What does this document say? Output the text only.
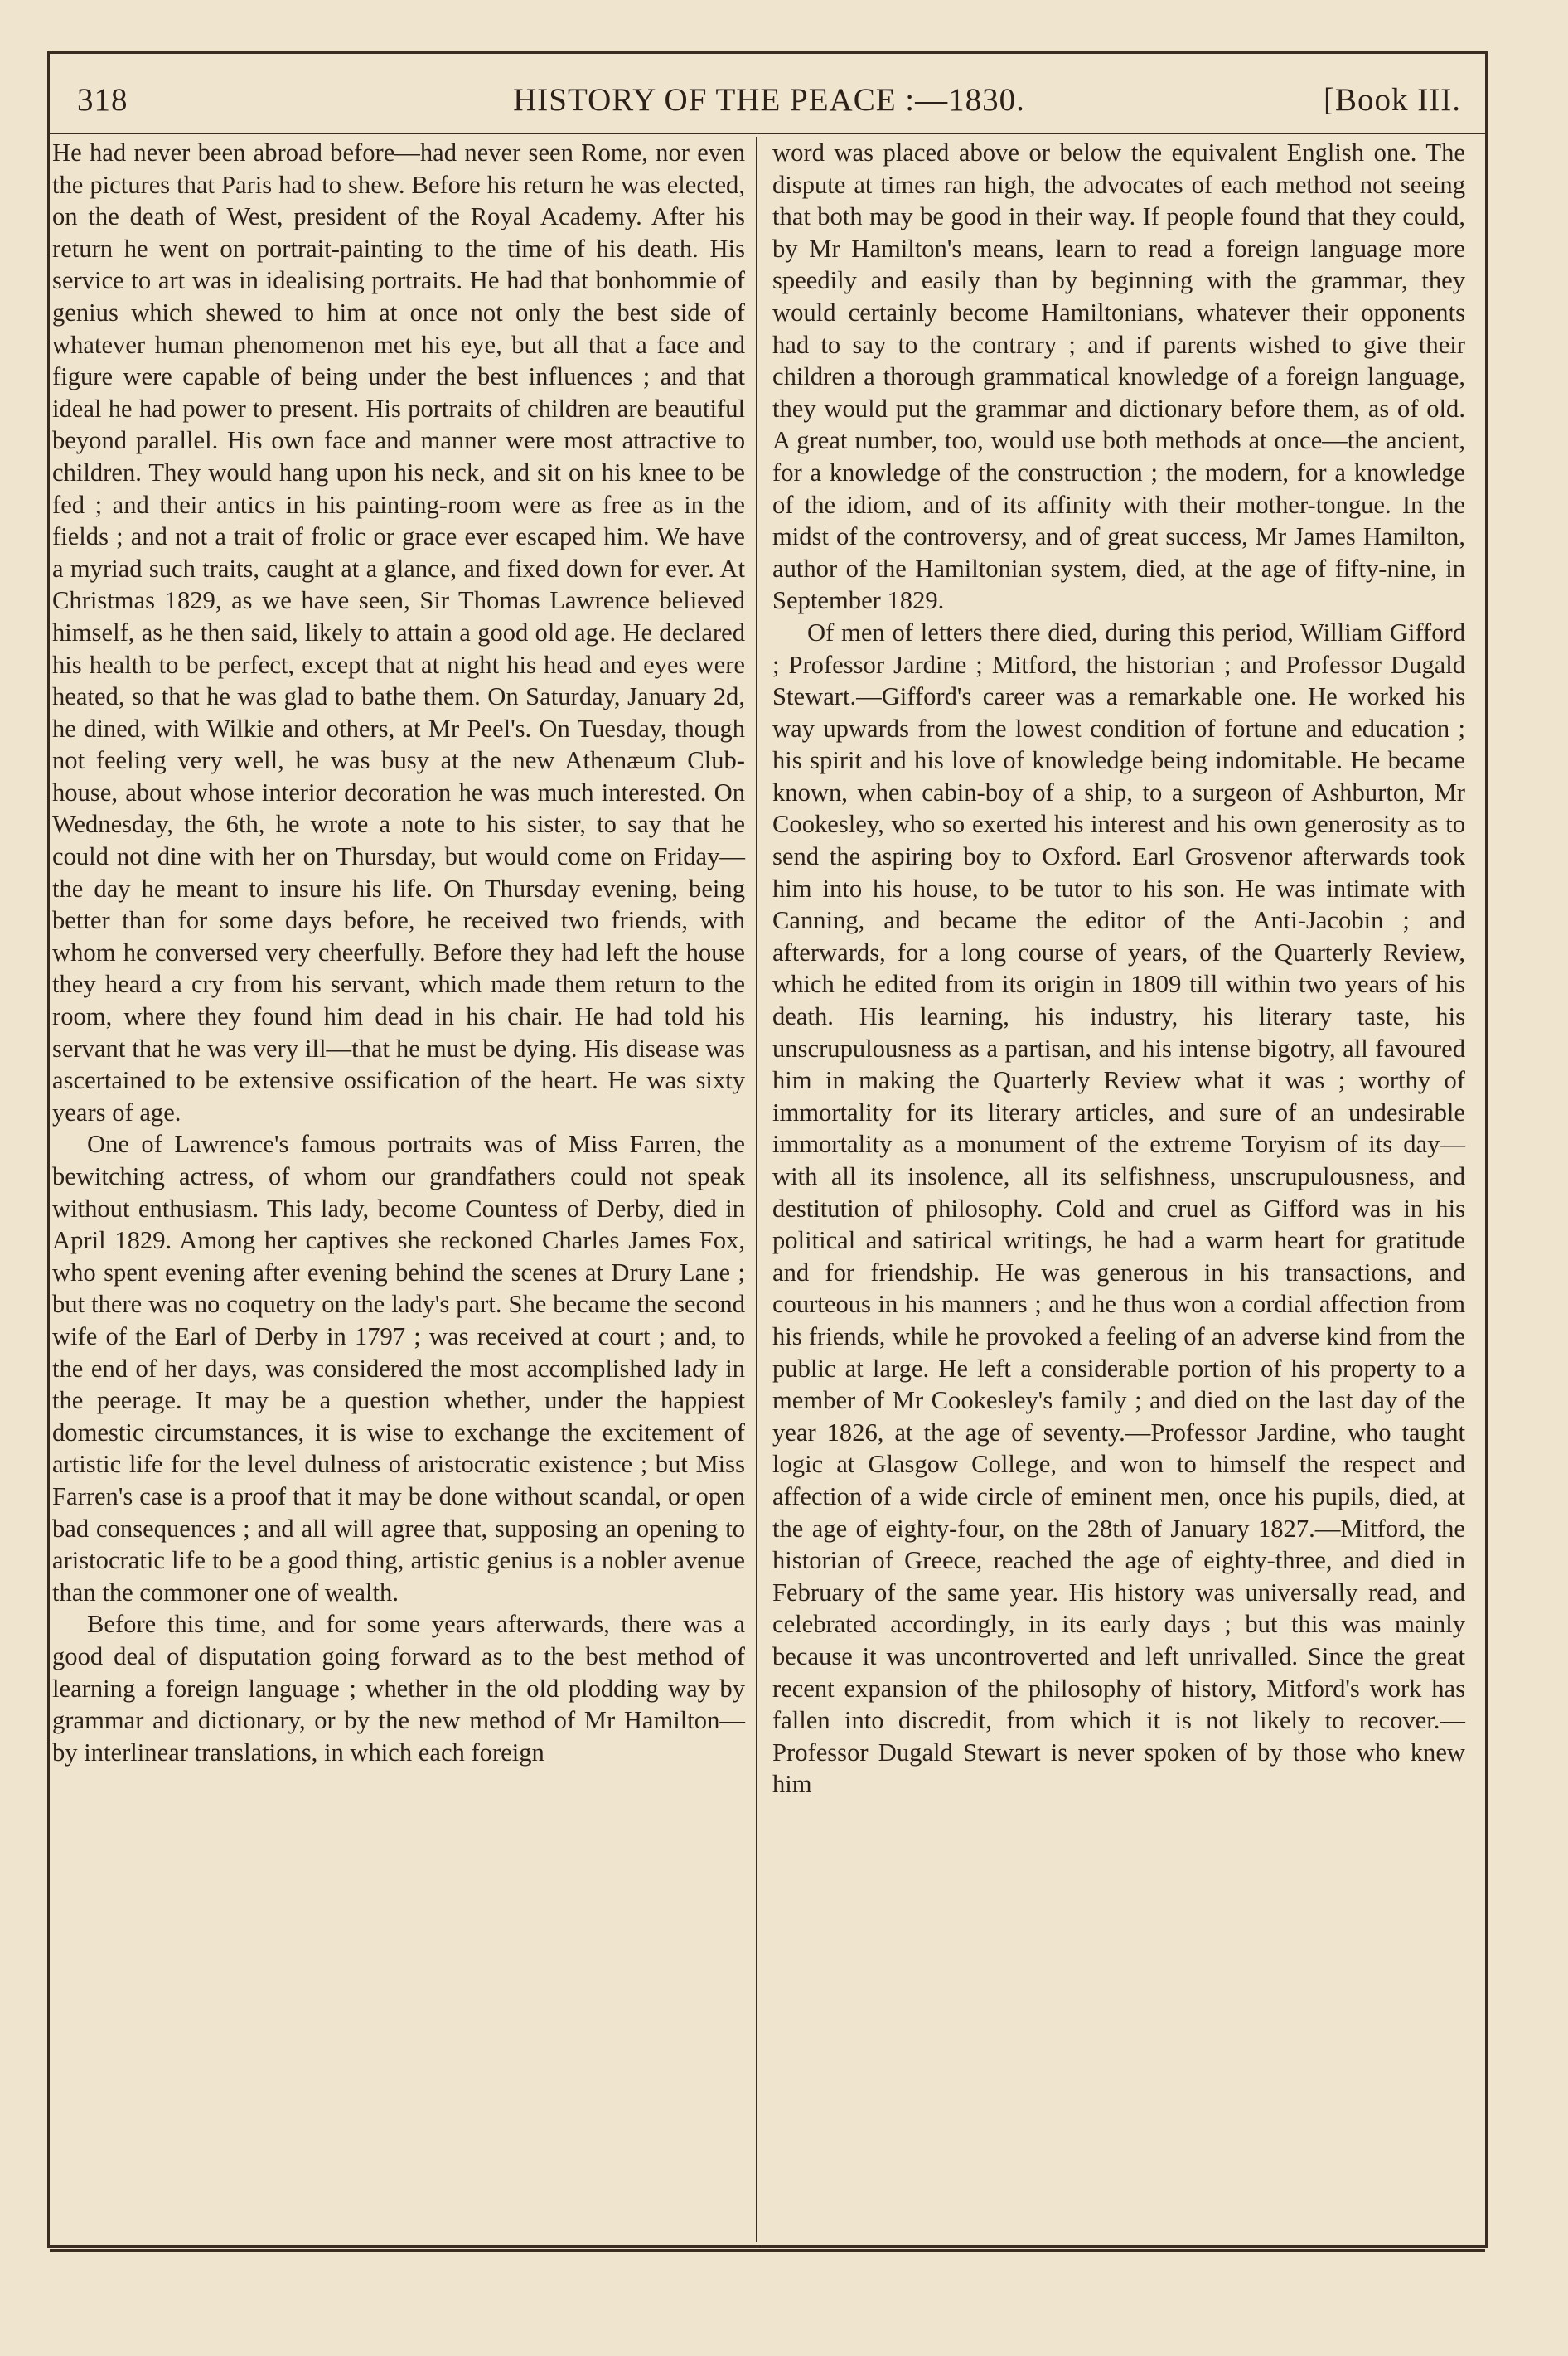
318	HISTORY OF THE PEACE :—1830.	[Book III.

He had never been abroad before—had never seen Rome, nor even the pictures that Paris had to shew. Before his return he was elected, on the death of West, president of the Royal Academy. After his return he went on portrait-painting to the time of his death. His service to art was in idealising portraits. He had that bonhommie of genius which shewed to him at once not only the best side of whatever human phenomenon met his eye, but all that a face and figure were capable of being under the best influences ; and that ideal he had power to present. His portraits of children are beautiful beyond parallel. His own face and manner were most attractive to children. They would hang upon his neck, and sit on his knee to be fed ; and their antics in his painting-room were as free as in the fields ; and not a trait of frolic or grace ever escaped him. We have a myriad such traits, caught at a glance, and fixed down for ever. At Christmas 1829, as we have seen, Sir Thomas Lawrence believed himself, as he then said, likely to attain a good old age. He declared his health to be perfect, except that at night his head and eyes were heated, so that he was glad to bathe them. On Saturday, January 2d, he dined, with Wilkie and others, at Mr Peel's. On Tuesday, though not feeling very well, he was busy at the new Athenæum Club-house, about whose interior decoration he was much interested. On Wednesday, the 6th, he wrote a note to his sister, to say that he could not dine with her on Thursday, but would come on Friday—the day he meant to insure his life. On Thursday evening, being better than for some days before, he received two friends, with whom he conversed very cheerfully. Before they had left the house they heard a cry from his servant, which made them return to the room, where they found him dead in his chair. He had told his servant that he was very ill—that he must be dying. His disease was ascertained to be extensive ossification of the heart. He was sixty years of age.

One of Lawrence's famous portraits was of Miss Farren, the bewitching actress, of whom our grandfathers could not speak without enthusiasm. This lady, become Countess of Derby, died in April 1829. Among her captives she reckoned Charles James Fox, who spent evening after evening behind the scenes at Drury Lane ; but there was no coquetry on the lady's part. She became the second wife of the Earl of Derby in 1797 ; was received at court ; and, to the end of her days, was considered the most accomplished lady in the peerage. It may be a question whether, under the happiest domestic circumstances, it is wise to exchange the excitement of artistic life for the level dulness of aristocratic existence ; but Miss Farren's case is a proof that it may be done without scandal, or open bad consequences ; and all will agree that, supposing an opening to aristocratic life to be a good thing, artistic genius is a nobler avenue than the commoner one of wealth.

Before this time, and for some years afterwards, there was a good deal of disputation going forward as to the best method of learning a foreign language ; whether in the old plodding way by grammar and dictionary, or by the new method of Mr Hamilton—by interlinear translations, in which each foreign

word was placed above or below the equivalent English one. The dispute at times ran high, the advocates of each method not seeing that both may be good in their way. If people found that they could, by Mr Hamilton's means, learn to read a foreign language more speedily and easily than by beginning with the grammar, they would certainly become Hamiltonians, whatever their opponents had to say to the contrary ; and if parents wished to give their children a thorough grammatical knowledge of a foreign language, they would put the grammar and dictionary before them, as of old. A great number, too, would use both methods at once—the ancient, for a knowledge of the construction ; the modern, for a knowledge of the idiom, and of its affinity with their mother-tongue. In the midst of the controversy, and of great success, Mr James Hamilton, author of the Hamiltonian system, died, at the age of fifty-nine, in September 1829.

Of men of letters there died, during this period, William Gifford ; Professor Jardine ; Mitford, the historian ; and Professor Dugald Stewart.—Gifford's career was a remarkable one. He worked his way upwards from the lowest condition of fortune and education ; his spirit and his love of knowledge being indomitable. He became known, when cabin-boy of a ship, to a surgeon of Ashburton, Mr Cookesley, who so exerted his interest and his own generosity as to send the aspiring boy to Oxford. Earl Grosvenor afterwards took him into his house, to be tutor to his son. He was intimate with Canning, and became the editor of the Anti-Jacobin ; and afterwards, for a long course of years, of the Quarterly Review, which he edited from its origin in 1809 till within two years of his death. His learning, his industry, his literary taste, his unscrupulousness as a partisan, and his intense bigotry, all favoured him in making the Quarterly Review what it was ; worthy of immortality for its literary articles, and sure of an undesirable immortality as a monument of the extreme Toryism of its day—with all its insolence, all its selfishness, unscrupulousness, and destitution of philosophy. Cold and cruel as Gifford was in his political and satirical writings, he had a warm heart for gratitude and for friendship. He was generous in his transactions, and courteous in his manners ; and he thus won a cordial affection from his friends, while he provoked a feeling of an adverse kind from the public at large. He left a considerable portion of his property to a member of Mr Cookesley's family ; and died on the last day of the year 1826, at the age of seventy.—Professor Jardine, who taught logic at Glasgow College, and won to himself the respect and affection of a wide circle of eminent men, once his pupils, died, at the age of eighty-four, on the 28th of January 1827.—Mitford, the historian of Greece, reached the age of eighty-three, and died in February of the same year. His history was universally read, and celebrated accordingly, in its early days ; but this was mainly because it was uncontroverted and left unrivalled. Since the great recent expansion of the philosophy of history, Mitford's work has fallen into discredit, from which it is not likely to recover.—Professor Dugald Stewart is never spoken of by those who knew him
